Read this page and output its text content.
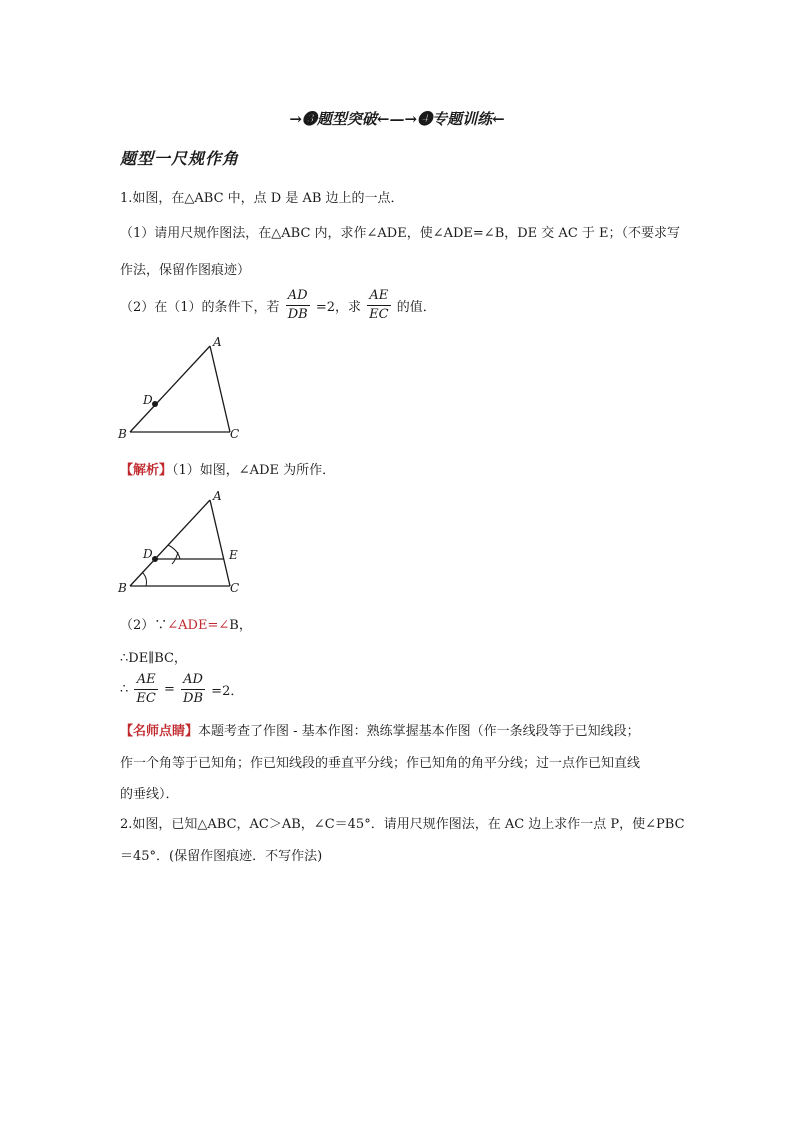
→❸题型突破←—→❹专题训练←
题型一尺规作角
1.如图，在△ABC 中，点 D 是 AB 边上的一点．
（1）请用尺规作图法，在△ABC 内，求作∠ADE，使∠ADE=∠B，DE 交 AC 于 E；（不要求写
作法，保留作图痕迹）
（2）在（1）的条件下，若 $\frac{AD}{DB} =2$，求 $\frac{AE}{EC}$ 的值．
A
B	C
D
【解析】（1）如图，∠ADE 为所作．
A
B	C
D	E
（2）∵∠ADE=∠B，
∴DE∥BC，
∴ $\frac{AE}{EC} = \frac{AD}{DB} =2$．
【名师点睛】本题考查了作图 - 基本作图：熟练掌握基本作图（作一条线段等于已知线段；
作一个角等于已知角；作已知线段的垂直平分线；作已知角的角平分线；过一点作已知直线
的垂线）．
2.如图，已知△ABC，AC＞AB，∠C＝45°．请用尺规作图法，在 AC 边上求作一点 P，使∠PBC
＝45°．(保留作图痕迹．不写作法)
